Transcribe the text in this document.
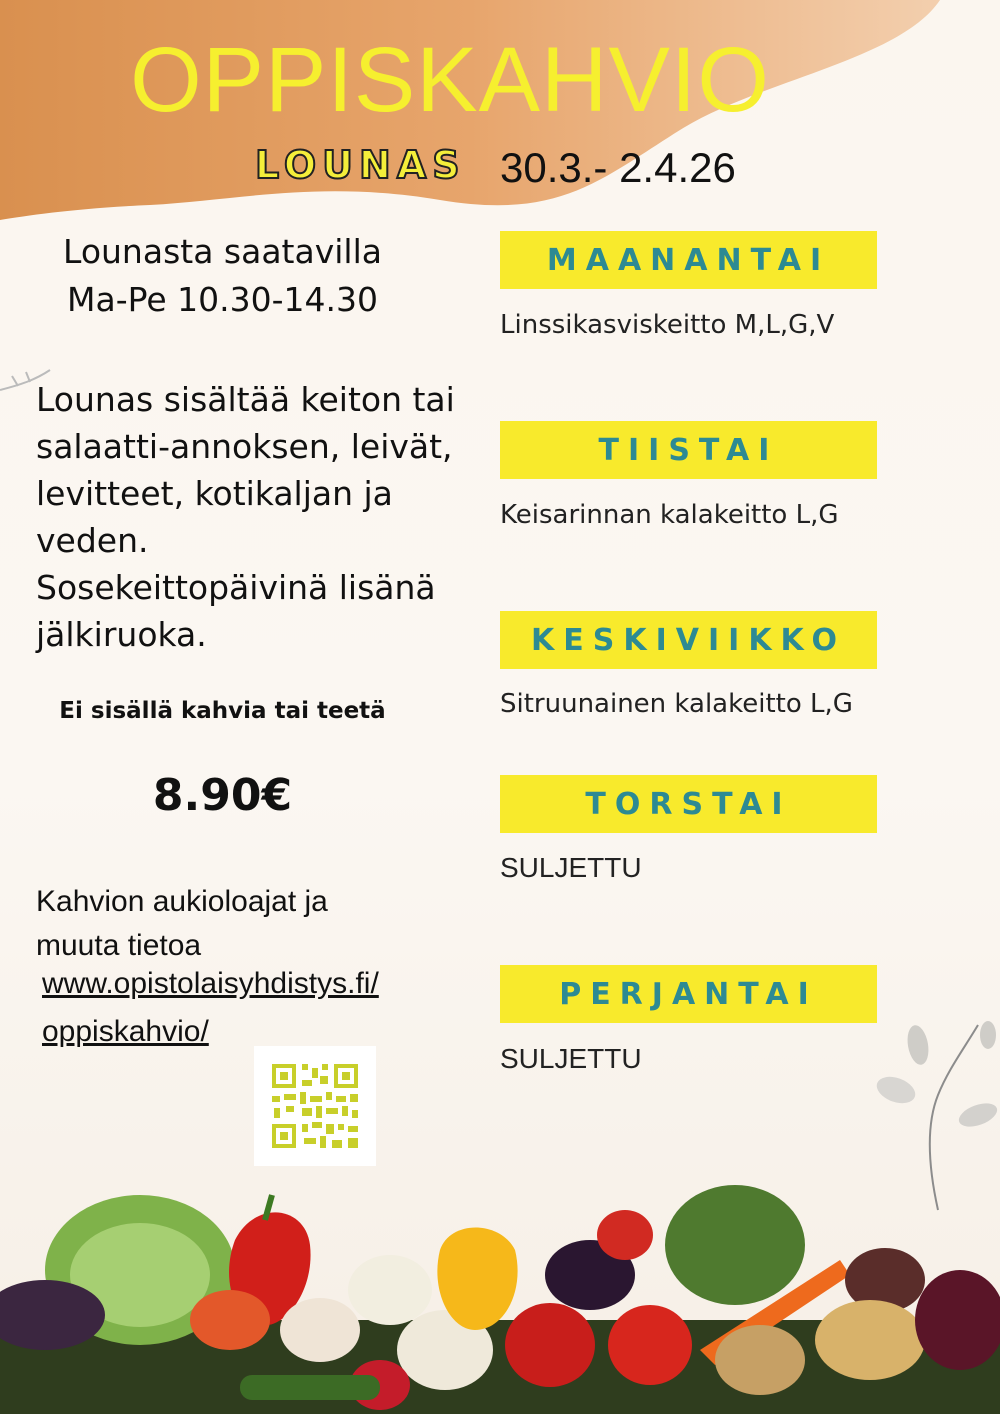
OPPISKAHVIO
LOUNAS 30.3.- 2.4.26
Lounasta saatavilla
Ma-Pe 10.30-14.30
Lounas sisältää keiton tai
salaatti-annoksen, leivät,
levitteet, kotikaljan ja
veden.
Sosekeittopäivinä lisänä
jälkiruoka.
Ei sisällä kahvia tai teetä
8.90€
Kahvion aukioloajat ja
muuta tietoa
www.opistolaisyhdistys.fi/
oppiskahvio/
MAANANTAI
Linssikasviskeitto M,L,G,V
TIISTAI
Keisarinnan kalakeitto L,G
KESKIVIIKKO
Sitruunainen kalakeitto L,G
TORSTAI
SULJETTU
PERJANTAI
SULJETTU
